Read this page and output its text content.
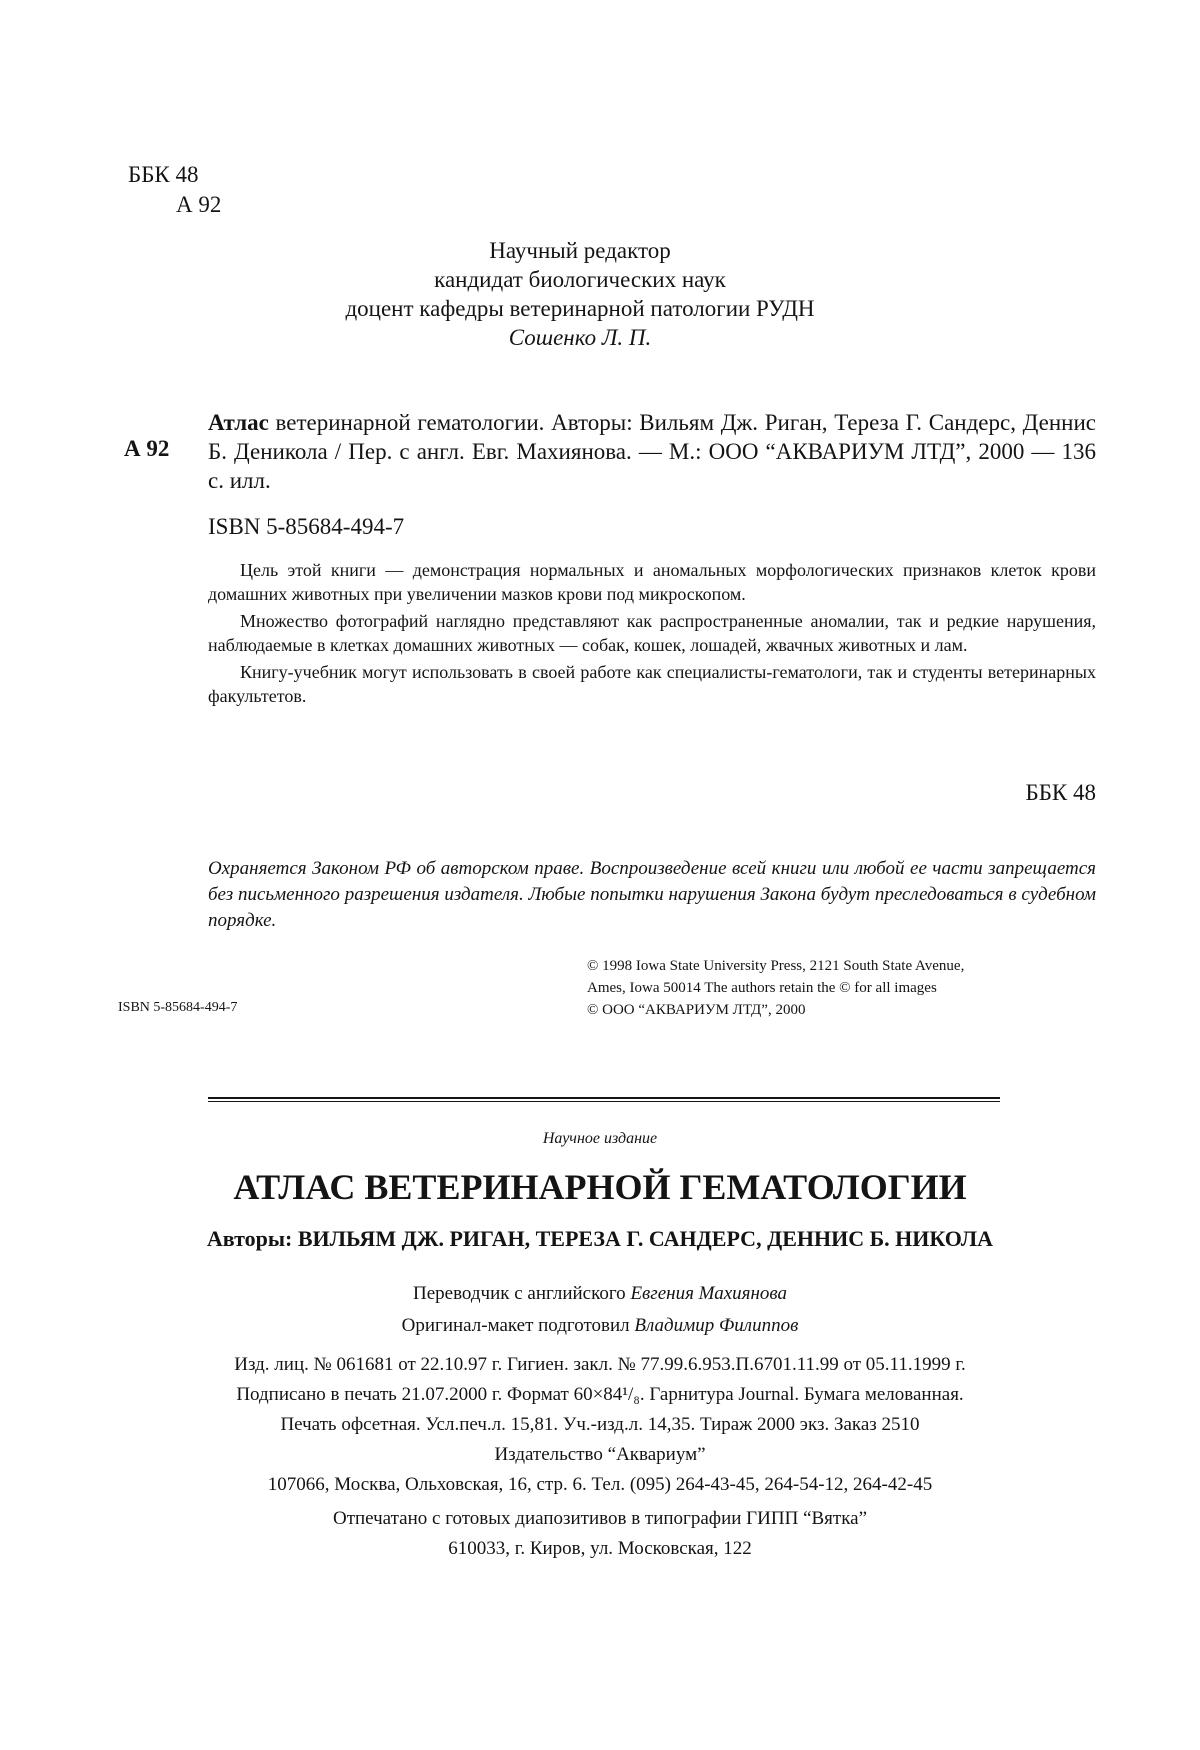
ББК 48
А 92
Научный редактор
кандидат биологических наук
доцент кафедры ветеринарной патологии РУДН
Сошенко Л. П.
А 92
Атлас ветеринарной гематологии. Авторы: Вильям Дж. Риган, Тереза Г. Сандерс, Деннис Б. Деникола / Пер. с англ. Евг. Махиянова. — М.: ООО “АКВАРИУМ ЛТД”, 2000 — 136 с. илл.
ISBN 5-85684-494-7

Цель этой книги — демонстрация нормальных и аномальных морфологических признаков клеток крови домашних животных при увеличении мазков крови под микроскопом.

Множество фотографий наглядно представляют как распространенные аномалии, так и редкие нарушения, наблюдаемые в клетках домашних животных — собак, кошек, лошадей, жвачных животных и лам.

Книгу-учебник могут использовать в своей работе как специалисты-гематологи, так и студенты ветеринарных факультетов.

ББК 48
Охраняется Законом РФ об авторском праве. Воспроизведение всей книги или любой ее части запрещается без письменного разрешения издателя. Любые попытки нарушения Закона будут преследоваться в судебном порядке.
ISBN 5-85684-494-7
© 1998 Iowa State University Press, 2121 South State Avenue,
Ames, Iowa 50014 The authors retain the © for all images
© ООО “АКВАРИУМ ЛТД”, 2000
Научное издание
АТЛАС ВЕТЕРИНАРНОЙ ГЕМАТОЛОГИИ
Авторы: ВИЛЬЯМ ДЖ. РИГАН, ТЕРЕЗА Г. САНДЕРС, ДЕННИС Б. НИКОЛА
Переводчик с английского Евгения Махиянова
Оригинал-макет подготовил Владимир Филиппов
Изд. лиц. № 061681 от 22.10.97 г. Гигиен. закл. № 77.99.6.953.П.6701.11.99 от 05.11.1999 г.
Подписано в печать 21.07.2000 г. Формат 60×84¹/₈. Гарнитура Journal. Бумага мелованная.
Печать офсетная. Усл.печ.л. 15,81. Уч.-изд.л. 14,35. Тираж 2000 экз. Заказ 2510
Издательство “Аквариум”
107066, Москва, Ольховская, 16, стр. 6. Тел. (095) 264-43-45, 264-54-12, 264-42-45
Отпечатано с готовых диапозитивов в типографии ГИПП “Вятка”
610033, г. Киров, ул. Московская, 122
